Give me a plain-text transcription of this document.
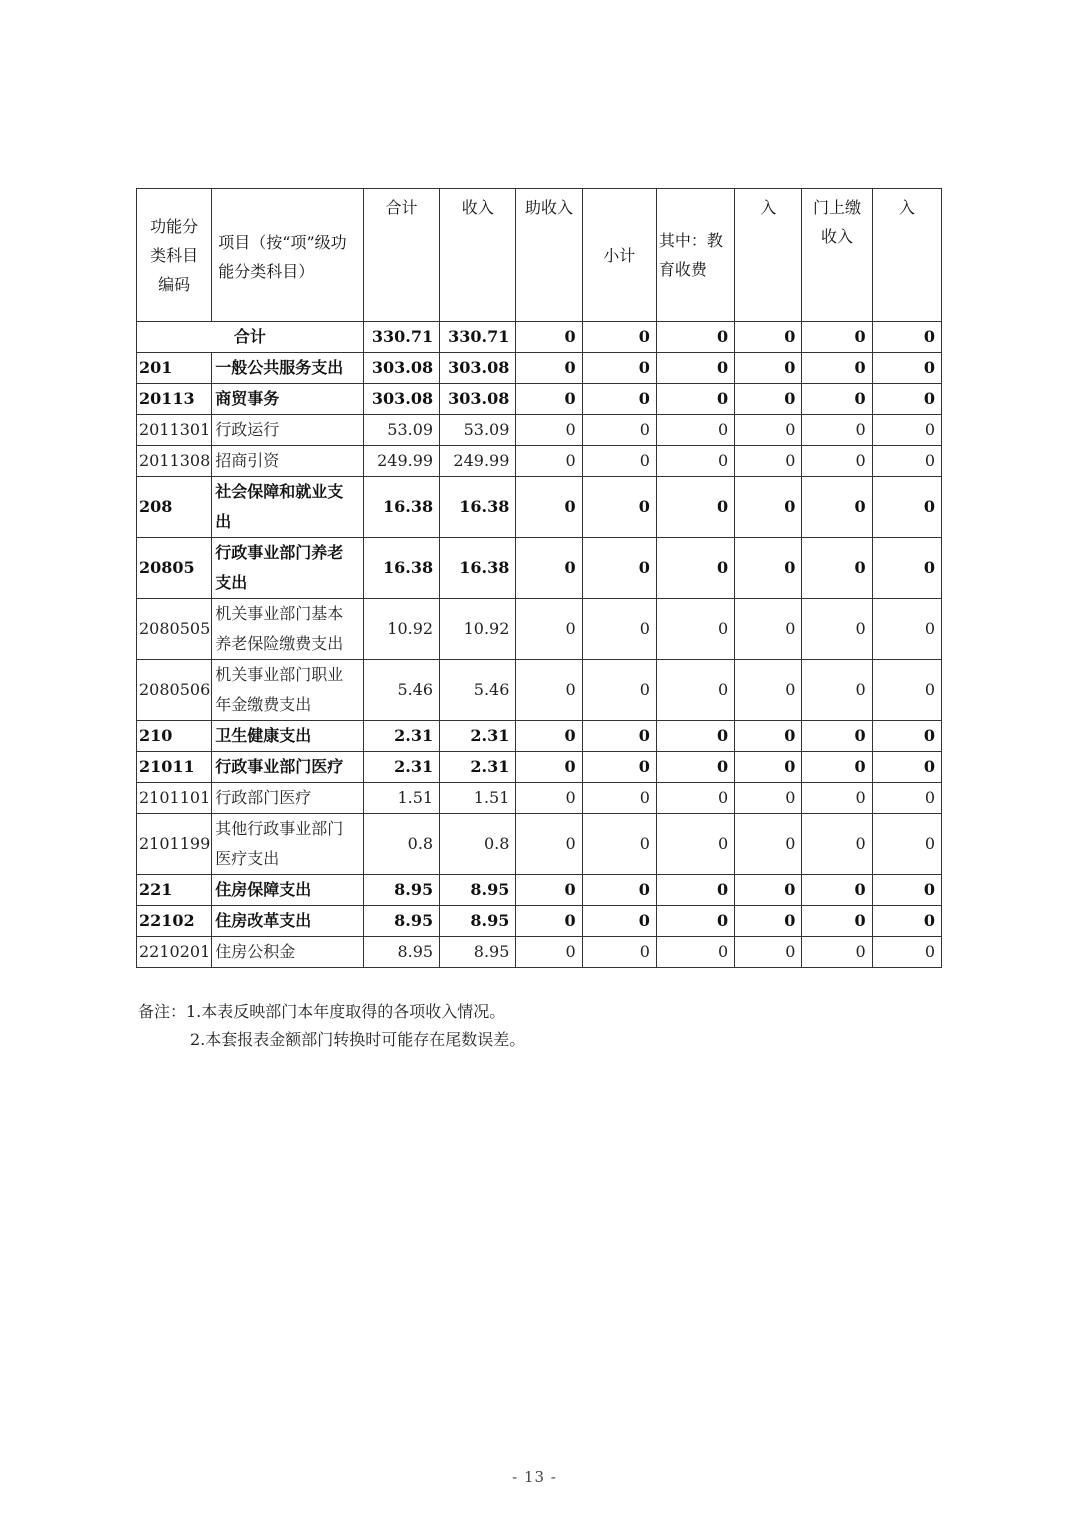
功能分类科目编码	项目（按“项”级功能分类科目）	合计	收入	助收入	小计	其中：教育收费	入	门上缴收入	入
合计		330.71	330.71	0	0	0	0	0	0
201	一般公共服务支出	303.08	303.08	0	0	0	0	0	0
20113	商贸事务	303.08	303.08	0	0	0	0	0	0
2011301	行政运行	53.09	53.09	0	0	0	0	0	0
2011308	招商引资	249.99	249.99	0	0	0	0	0	0
208	社会保障和就业支出	16.38	16.38	0	0	0	0	0	0
20805	行政事业部门养老支出	16.38	16.38	0	0	0	0	0	0
2080505	机关事业部门基本养老保险缴费支出	10.92	10.92	0	0	0	0	0	0
2080506	机关事业部门职业年金缴费支出	5.46	5.46	0	0	0	0	0	0
210	卫生健康支出	2.31	2.31	0	0	0	0	0	0
21011	行政事业部门医疗	2.31	2.31	0	0	0	0	0	0
2101101	行政部门医疗	1.51	1.51	0	0	0	0	0	0
2101199	其他行政事业部门医疗支出	0.8	0.8	0	0	0	0	0	0
221	住房保障支出	8.95	8.95	0	0	0	0	0	0
22102	住房改革支出	8.95	8.95	0	0	0	0	0	0
2210201	住房公积金	8.95	8.95	0	0	0	0	0	0
备注：1.本表反映部门本年度取得的各项收入情况。
2.本套报表金额部门转换时可能存在尾数误差。
- 13 -
